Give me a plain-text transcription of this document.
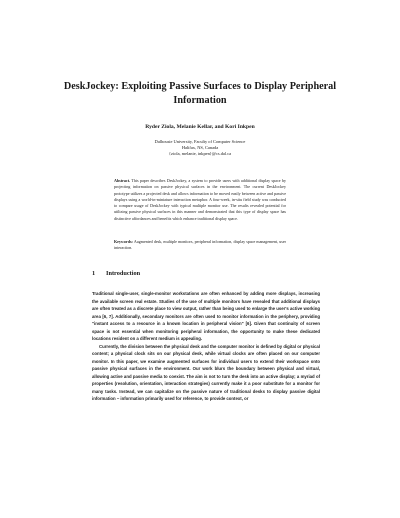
DeskJockey: Exploiting Passive Surfaces to Display Peripheral Information
Ryder Ziola, Melanie Kellar, and Kori Inkpen
Dalhousie University, Faculty of Computer Science
Halifax, NS, Canada
{ziola, melanie, inkpen}@cs.dal.ca

Abstract. This paper describes DeskJockey, a system to provide users with additional display space by projecting information on passive physical surfaces in the environment. The current DeskJockey prototype utilizes a projected desk and allows information to be moved easily between active and passive displays using a world-in-miniature interaction metaphor. A four-week, in-situ field study was conducted to compare usage of DeskJockey with typical multiple monitor use. The results revealed potential for utilizing passive physical surfaces in this manner and demonstrated that this type of display space has distinctive affordances and benefits which enhance traditional display space.

Keywords: Augmented desk, multiple monitors, peripheral information, display space management, user interaction.

1 Introduction

Traditional single-user, single-monitor workstations are often enhanced by adding more displays, increasing the available screen real estate. Studies of the use of multiple monitors have revealed that additional displays are often treated as a discrete place to view output, rather than being used to enlarge the user's active working area [6, 7]. Additionally, secondary monitors are often used to monitor information in the periphery, providing "instant access to a resource in a known location in peripheral vision" [6]. Given that continuity of screen space is not essential when monitoring peripheral information, the opportunity to make these dedicated locations resident on a different medium is appealing.

Currently, the division between the physical desk and the computer monitor is defined by digital or physical content; a physical clock sits on our physical desk, while virtual clocks are often placed on our computer monitor. In this paper, we examine augmented surfaces for individual users to extend their workspace onto passive physical surfaces in the environment. Our work blurs the boundary between physical and virtual, allowing active and passive media to coexist. The aim is not to turn the desk into an active display; a myriad of properties (resolution, orientation, interaction strategies) currently make it a poor substitute for a monitor for many tasks. Instead, we can capitalize on the passive nature of traditional desks to display passive digital information – information primarily used for reference, to provide context, or
